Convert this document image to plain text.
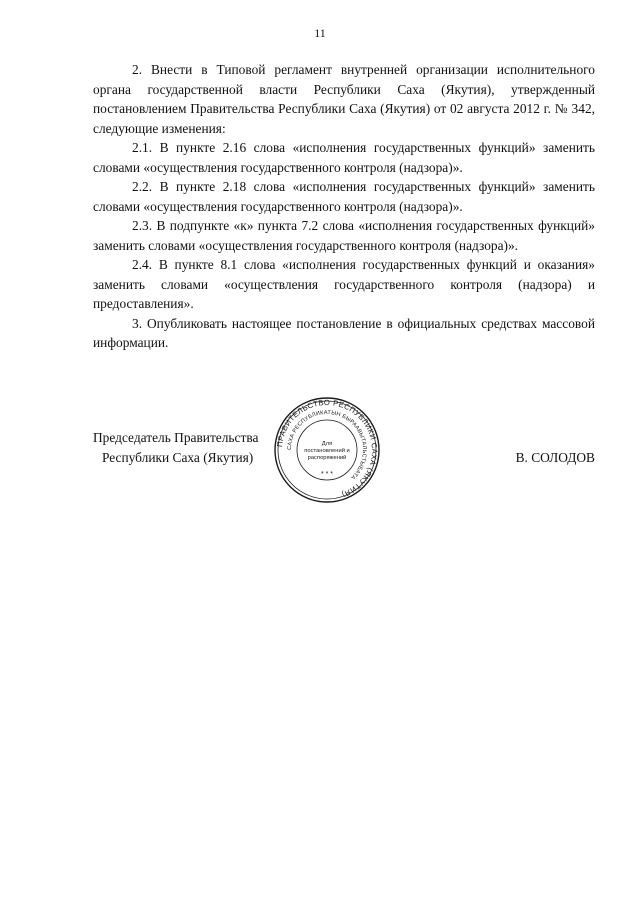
11

2. Внести в Типовой регламент внутренней организации исполнительного органа государственной власти Республики Саха (Якутия), утвержденный постановлением Правительства Республики Саха (Якутия) от 02 августа 2012 г. № 342, следующие изменения:

2.1. В пункте 2.16 слова «исполнения государственных функций» заменить словами «осуществления государственного контроля (надзора)».

2.2. В пункте 2.18 слова «исполнения государственных функций» заменить словами «осуществления государственного контроля (надзора)».

2.3. В подпункте «к» пункта 7.2 слова «исполнения государственных функций» заменить словами «осуществления государственного контроля (надзора)».

2.4. В пункте 8.1 слова «исполнения государственных функций и оказания» заменить словами «осуществления государственного контроля (надзора) и предоставления».

3. Опубликовать настоящее постановление в официальных средствах массовой информации.

Председатель Правительства
Республики Саха (Якутия)	В. СОЛОДОВ
ПРАВИТЕЛЬСТВО РЕСПУБЛИКИ САХА (ЯКУТИЯ)
САХА РЕСПУБЛИКАТЫН БЫРААВЫТАЛЬСТЫБАТА
Для
постановлений и
распоряжений
* * *
